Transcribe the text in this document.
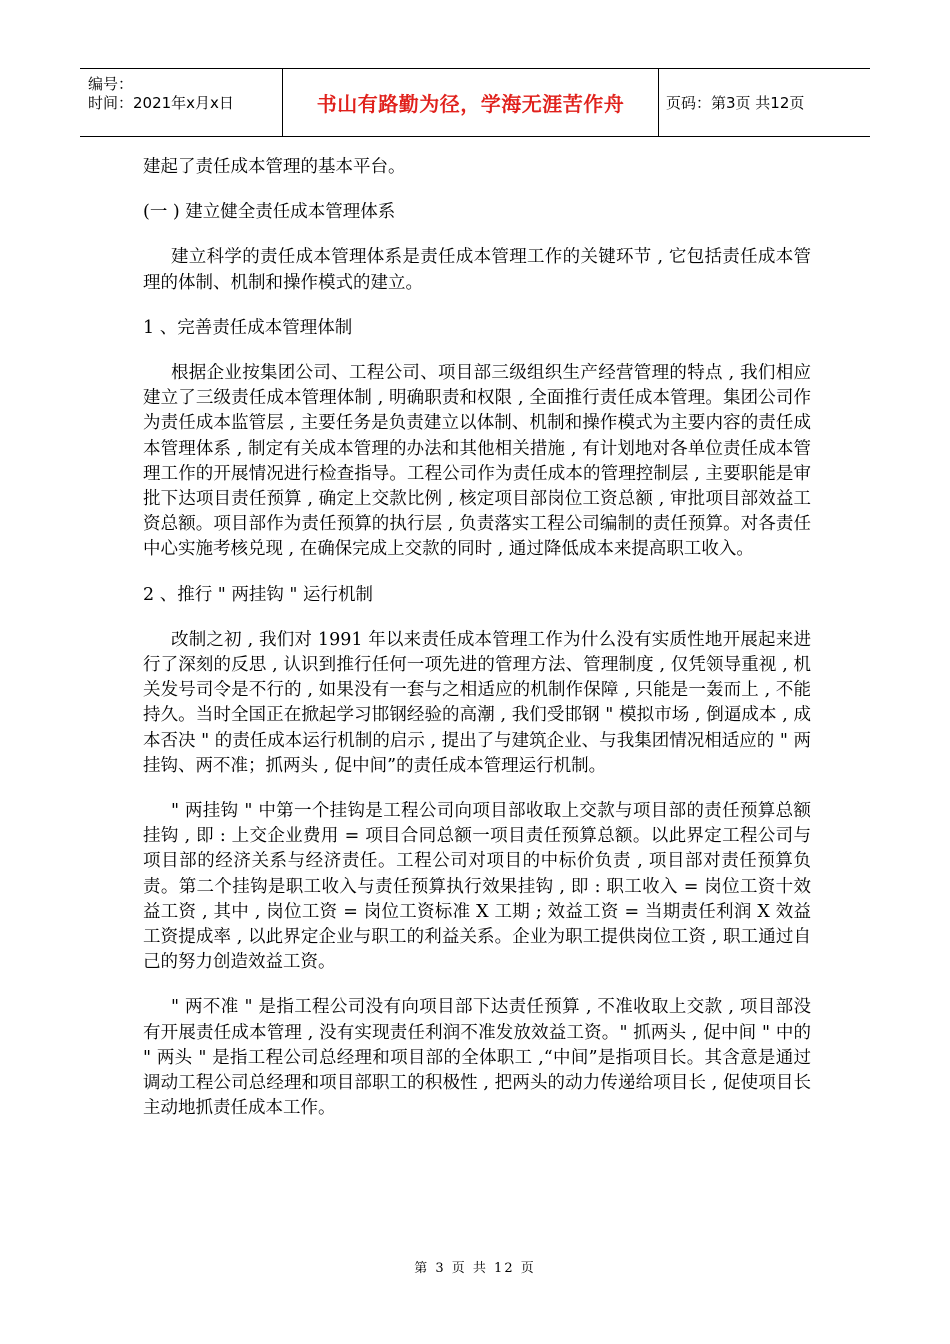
编号：
时间：2021年x月x日	书山有路勤为径，学海无涯苦作舟	页码：第3页 共12页

建起了责任成本管理的基本平台。

(一 ) 建立健全责任成本管理体系

建立科学的责任成本管理体系是责任成本管理工作的关键环节 , 它包括责任成本管理的体制、机制和操作模式的建立。

1 、完善责任成本管理体制

根据企业按集团公司、工程公司、项目部三级组织生产经营管理的特点 , 我们相应建立了三级责任成本管理体制 , 明确职责和权限 , 全面推行责任成本管理。集团公司作为责任成本监管层 , 主要任务是负责建立以体制、机制和操作模式为主要内容的责任成本管理体系 , 制定有关成本管理的办法和其他相关措施 , 有计划地对各单位责任成本管理工作的开展情况进行检查指导。工程公司作为责任成本的管理控制层 , 主要职能是审批下达项目责任预算 , 确定上交款比例 , 核定项目部岗位工资总额 , 审批项目部效益工资总额。项目部作为责任预算的执行层 , 负责落实工程公司编制的责任预算。对各责任中心实施考核兑现 , 在确保完成上交款的同时 , 通过降低成本来提高职工收入。

2 、推行 " 两挂钩 " 运行机制

改制之初 , 我们对 1991 年以来责任成本管理工作为什么没有实质性地开展起来进行了深刻的反思 , 认识到推行任何一项先进的管理方法、管理制度 , 仅凭领导重视 , 机关发号司令是不行的 , 如果没有一套与之相适应的机制作保障 , 只能是一轰而上 , 不能持久。当时全国正在掀起学习邯钢经验的高潮 , 我们受邯钢 " 模拟市场 , 倒逼成本 , 成本否决 " 的责任成本运行机制的启示 , 提出了与建筑企业、与我集团情况相适应的 " 两挂钩、两不准；抓两头 , 促中间”的责任成本管理运行机制。

" 两挂钩 " 中第一个挂钩是工程公司向项目部收取上交款与项目部的责任预算总额挂钩 , 即 : 上交企业费用 = 项目合同总额一项目责任预算总额。以此界定工程公司与项目部的经济关系与经济责任。工程公司对项目的中标价负责 , 项目部对责任预算负责。第二个挂钩是职工收入与责任预算执行效果挂钩 , 即 : 职工收入 = 岗位工资十效益工资 , 其中 , 岗位工资 = 岗位工资标准 X 工期 ; 效益工资 = 当期责任利润 X 效益工资提成率 , 以此界定企业与职工的利益关系。企业为职工提供岗位工资 , 职工通过自己的努力创造效益工资。

" 两不准 " 是指工程公司没有向项目部下达责任预算 , 不准收取上交款 , 项目部没有开展责任成本管理 , 没有实现责任利润不准发放效益工资。" 抓两头 , 促中间 " 中的 " 两头 " 是指工程公司总经理和项目部的全体职工 ,“中间”是指项目长。其含意是通过调动工程公司总经理和项目部职工的积极性 , 把两头的动力传递给项目长 , 促使项目长主动地抓责任成本工作。

第 3 页 共 12 页
